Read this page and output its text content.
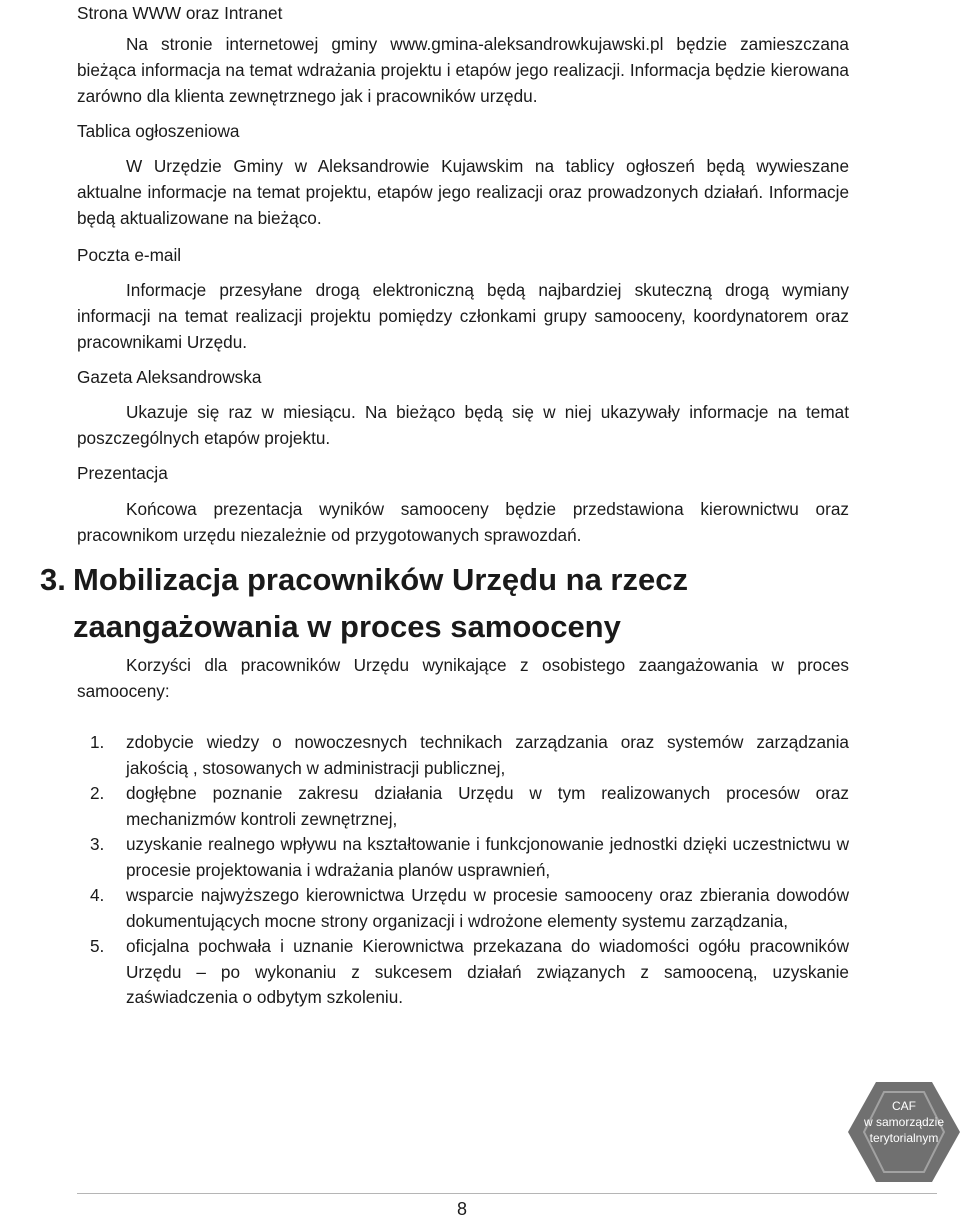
Strona WWW oraz Intranet

Na stronie internetowej gminy www.gmina-aleksandrowkujawski.pl będzie zamieszczana bieżąca informacja na temat wdrażania projektu i etapów jego realizacji. Informacja będzie kierowana zarówno dla klienta zewnętrznego jak i pracowników urzędu.

Tablica ogłoszeniowa

W Urzędzie Gminy w Aleksandrowie Kujawskim na tablicy ogłoszeń będą wywieszane aktualne informacje na temat projektu, etapów jego realizacji oraz prowadzonych działań. Informacje będą aktualizowane na bieżąco.

Poczta e-mail

Informacje przesyłane drogą elektroniczną będą najbardziej skuteczną drogą wymiany informacji na temat realizacji projektu pomiędzy członkami grupy samooceny, koordynatorem oraz pracownikami Urzędu.

Gazeta Aleksandrowska

Ukazuje się raz w miesiącu. Na bieżąco będą się w niej ukazywały informacje na temat poszczególnych etapów projektu.

Prezentacja

Końcowa prezentacja wyników samooceny będzie przedstawiona kierownictwu oraz pracownikom urzędu niezależnie od przygotowanych sprawozdań.

3. Mobilizacja pracowników Urzędu na rzecz
zaangażowania w proces samooceny

Korzyści dla pracowników Urzędu wynikające z osobistego zaangażowania w proces samooceny:

1. zdobycie wiedzy o nowoczesnych technikach zarządzania oraz systemów zarządzania jakością , stosowanych w administracji publicznej,
2. dogłębne poznanie zakresu działania Urzędu w tym realizowanych procesów oraz mechanizmów kontroli zewnętrznej,
3. uzyskanie realnego wpływu na kształtowanie i funkcjonowanie jednostki dzięki uczestnictwu w procesie projektowania i wdrażania planów usprawnień,
4. wsparcie najwyższego kierownictwa Urzędu w procesie samooceny oraz zbierania dowodów dokumentujących mocne strony organizacji i wdrożone elementy systemu zarządzania,
5. oficjalna pochwała i uznanie Kierownictwa przekazana do wiadomości ogółu pracowników Urzędu – po wykonaniu z sukcesem działań związanych z samooceną, uzyskanie zaświadczenia o odbytym szkoleniu.
CAF
w samorządzie
terytorialnym
8
